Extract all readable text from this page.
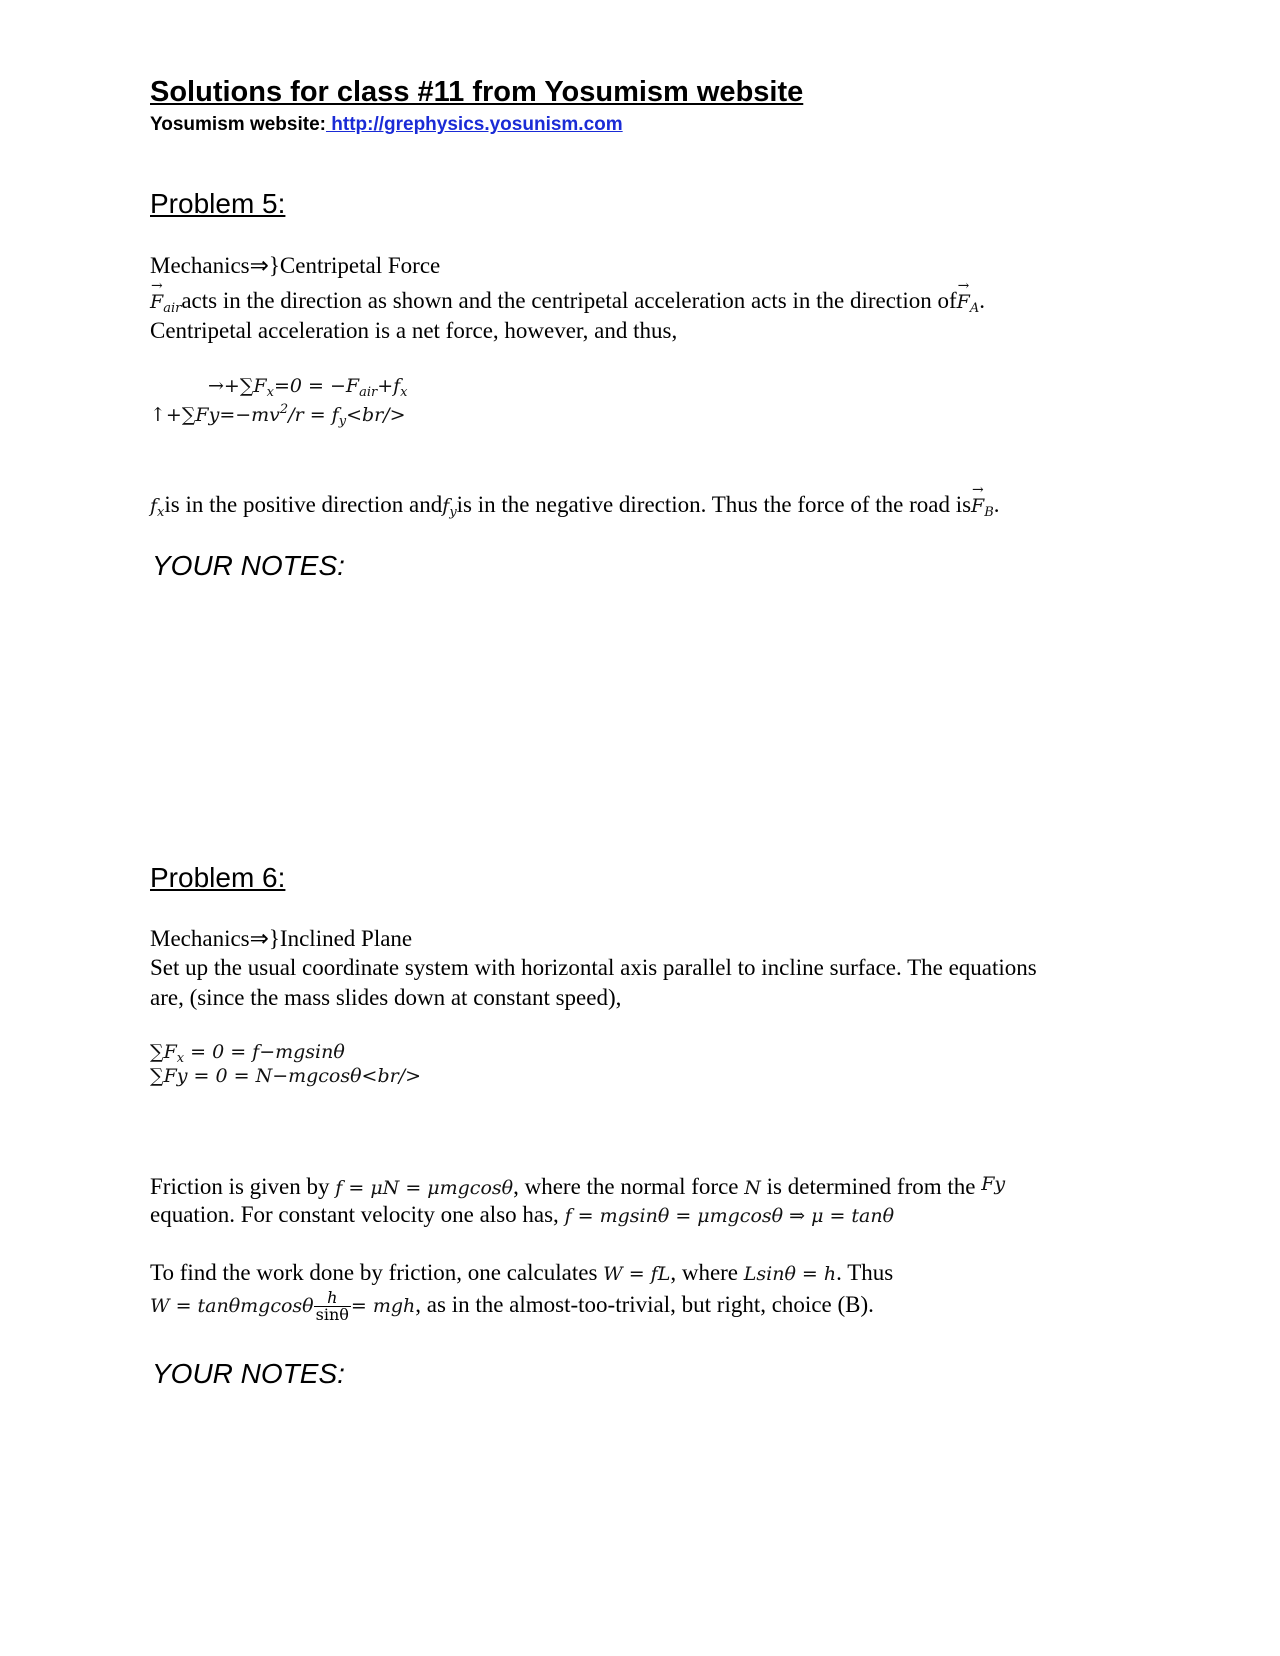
Solutions for class #11 from Yosumism website
Yosumism website: http://grephysics.yosunism.com
Problem 5:
Mechanics⇒}Centripetal Force
→ $F_{air}acts$ in the direction as shown and the centripetal acceleration acts in the direction $of\to F_A$.
Centripetal acceleration is a net force, however, and thus,
$\to+\sum F_x=0 = -F_{air}+f_x$
$↑+\sum Fy=-mv^2/r = f_y<br/>$
$f_xis$ in the positive direction andf$_y$is in the negative direction. Thus the force of the road $is\to F_B$.
YOUR NOTES:
Problem 6:
Mechanics⇒}Inclined Plane
Set up the usual coordinate system with horizontal axis parallel to incline surface. The equations
are, (since the mass slides down at constant speed),
$\sum F_x = 0 = f-mgsin\theta$
∑Fy = 0 = N−mgcosθ<br/>
Friction is given by f = μN = μmgcosθ, where the normal force N is determined from the Fy
equation. For constant velocity one also has, f = mgsinθ = μmgcosθ ⇒ μ = tanθ
To find the work done by friction, one calculates W = fL, where Lsinθ = h. Thus
W = tanθmgcosθ $\frac{h}{\sin\theta}$ = mgh, as in the almost-too-trivial, but right, choice (B).
YOUR NOTES:
